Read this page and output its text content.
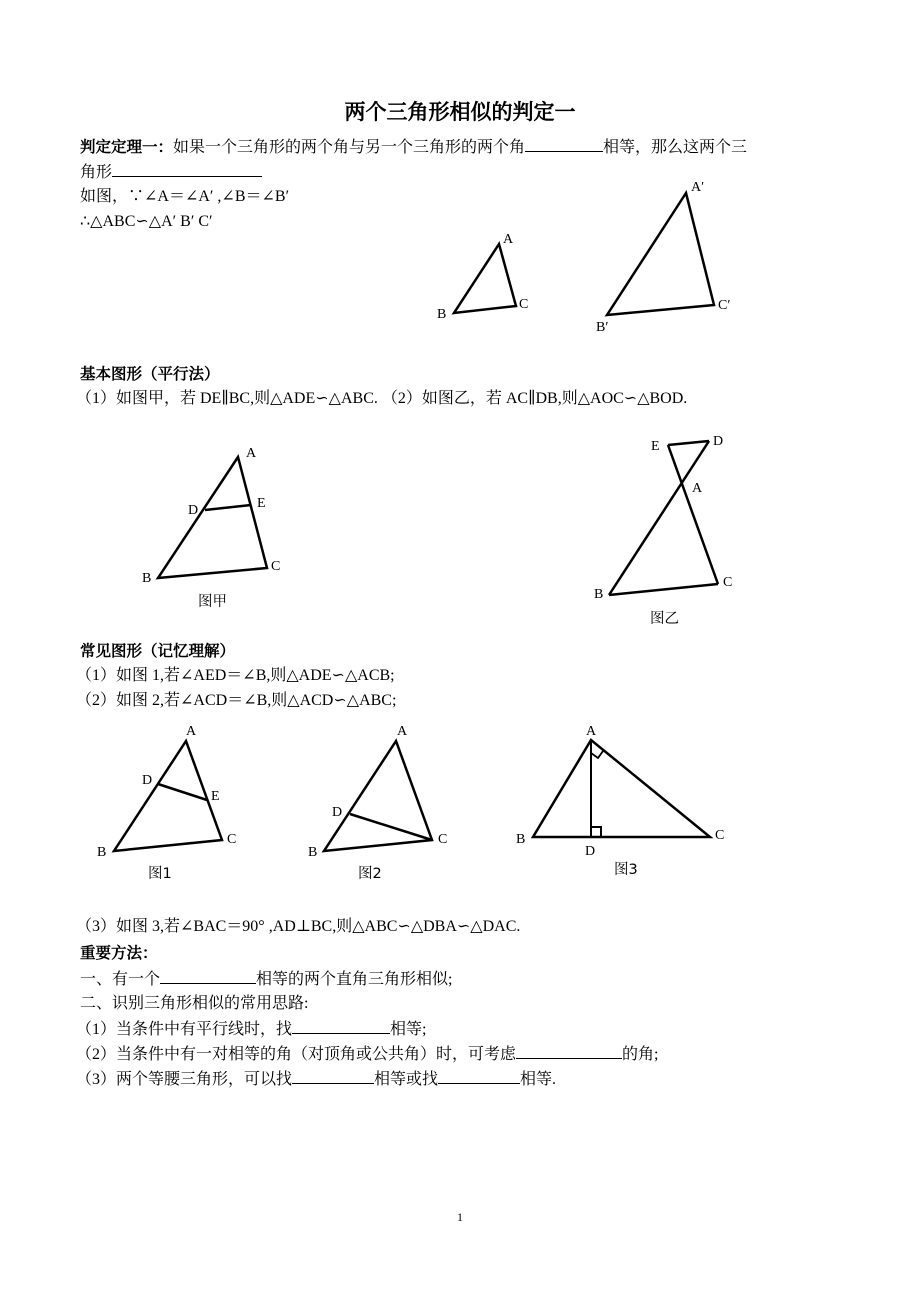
两个三角形相似的判定一
判定定理一：如果一个三角形的两个角与另一个三角形的两个角	相等，那么这两个三
角形
如图，∵∠A＝∠A′ ,∠B＝∠B′
∴△ABC∽△A′ B′ C′
基本图形（平行法）
（1）如图甲，若 DE∥BC,则△ADE∽△ABC. （2）如图乙，若 AC∥DB,则△AOC∽△BOD.
常见图形（记忆理解）
（1）如图 1,若∠AED＝∠B,则△ADE∽△ACB;
（2）如图 2,若∠ACD＝∠B,则△ACD∽△ABC;
（3）如图 3,若∠BAC＝90° ,AD⊥BC,则△ABC∽△DBA∽△DAC.
重要方法：
一、有一个	相等的两个直角三角形相似;
二、识别三角形相似的常用思路:
（1）当条件中有平行线时，找	相等;
（2）当条件中有一对相等的角（对顶角或公共角）时，可考虑	的角;
（3）两个等腰三角形，可以找	相等或找	相等.
A
B
C
A′
B′
C′
A
D	E
B
C
图甲
E	D
A
B
C
图乙
A
D
E
B
C
图1
A
D
B
C
图2
A
B	C
D
图3
1
